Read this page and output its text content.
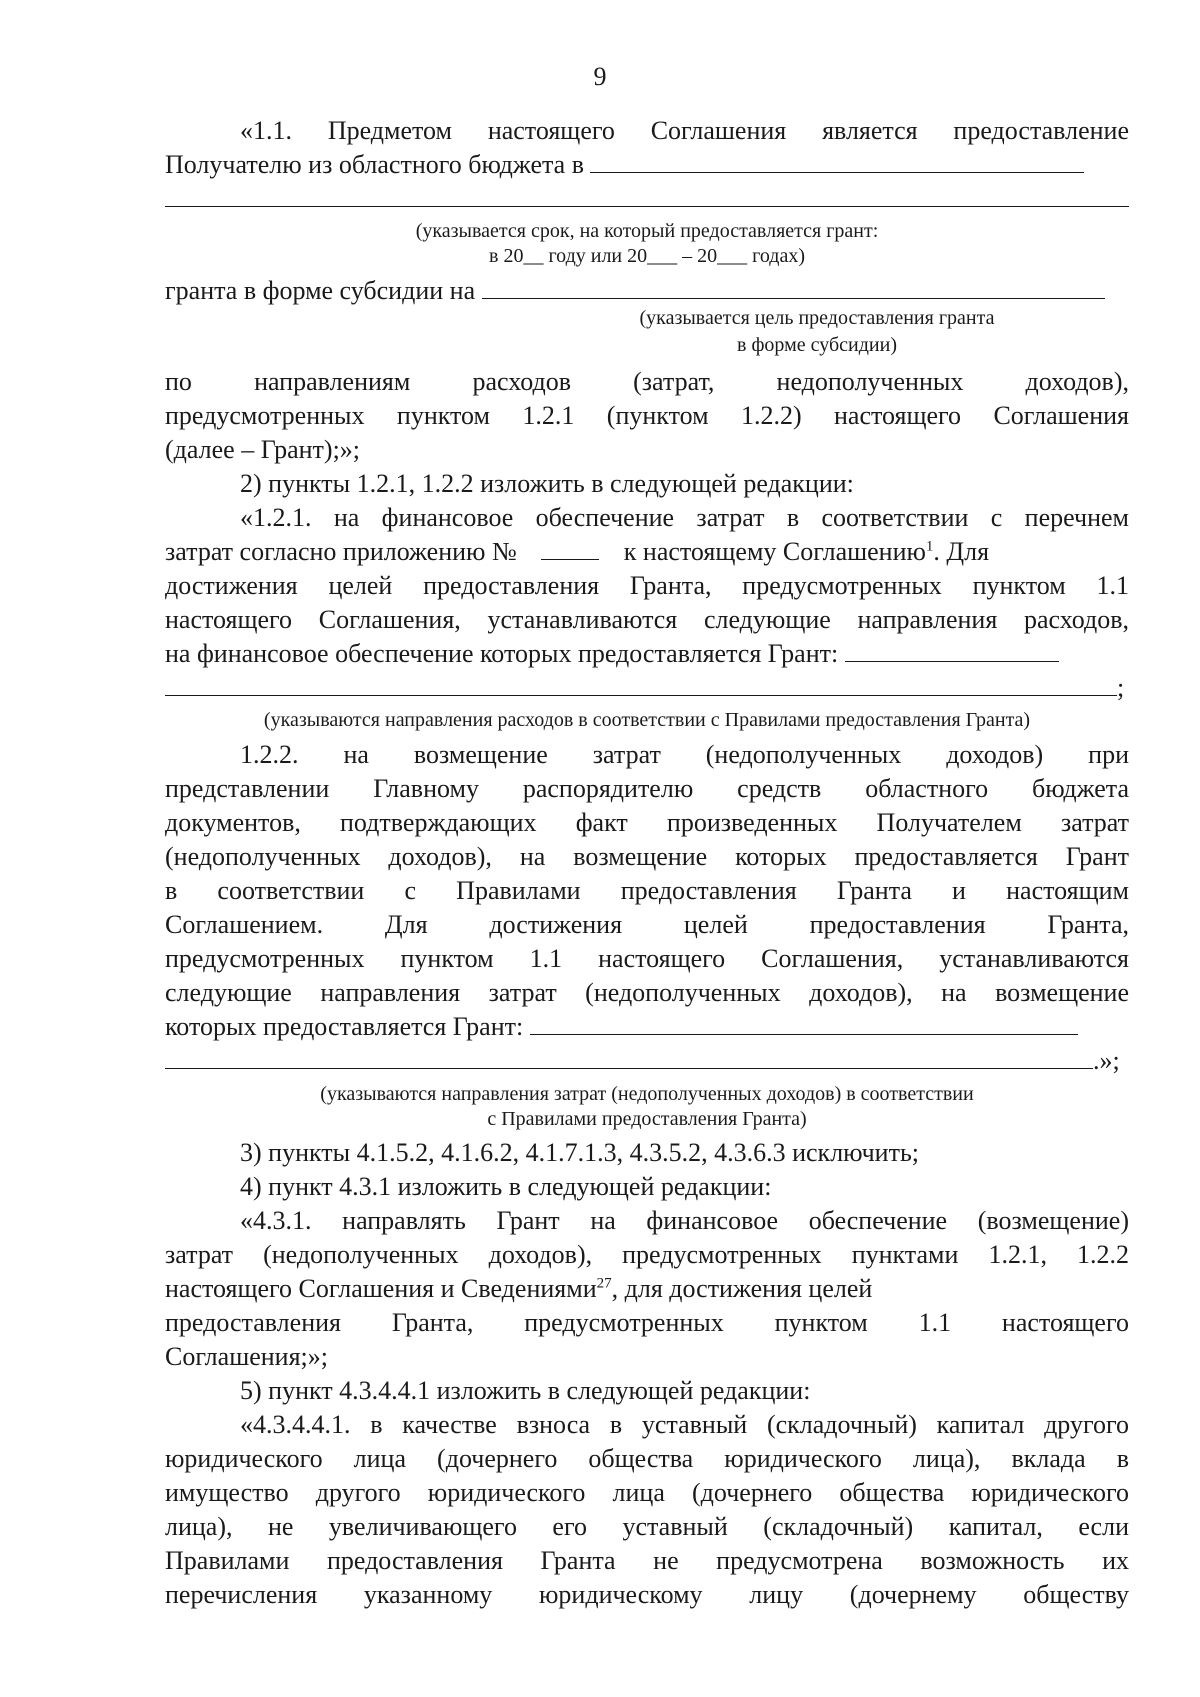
9
«1.1. Предметом настоящего Соглашения является предоставление
Получателю из областного бюджета в
(указывается срок, на который предоставляется грант:
в 20__ году или 20___ – 20___ годах)
гранта в форме субсидии на
(указывается цель предоставления гранта
в форме субсидии)
по направлениям расходов (затрат, недополученных доходов),
предусмотренных пунктом 1.2.1 (пунктом 1.2.2) настоящего Соглашения
(далее – Грант);»;
2) пункты 1.2.1, 1.2.2 изложить в следующей редакции:
«1.2.1. на финансовое обеспечение затрат в соответствии с перечнем
затрат согласно приложению №	к настоящему Соглашению$^1$. Для
достижения целей предоставления Гранта, предусмотренных пунктом 1.1
настоящего Соглашения, устанавливаются следующие направления расходов,
на финансовое обеспечение которых предоставляется Грант:
;
(указываются направления расходов в соответствии с Правилами предоставления Гранта)
1.2.2. на возмещение затрат (недополученных доходов) при
представлении Главному распорядителю средств областного бюджета
документов, подтверждающих факт произведенных Получателем затрат
(недополученных доходов), на возмещение которых предоставляется Грант
в соответствии с Правилами предоставления Гранта и настоящим
Соглашением. Для достижения целей предоставления Гранта,
предусмотренных пунктом 1.1 настоящего Соглашения, устанавливаются
следующие направления затрат (недополученных доходов), на возмещение
которых предоставляется Грант:
.»;
(указываются направления затрат (недополученных доходов) в соответствии
с Правилами предоставления Гранта)
3) пункты 4.1.5.2, 4.1.6.2, 4.1.7.1.3, 4.3.5.2, 4.3.6.3 исключить;
4) пункт 4.3.1 изложить в следующей редакции:
«4.3.1. направлять Грант на финансовое обеспечение (возмещение)
затрат (недополученных доходов), предусмотренных пунктами 1.2.1, 1.2.2
настоящего Соглашения и Сведениями$^{27}$, для достижения целей
предоставления Гранта, предусмотренных пунктом 1.1 настоящего
Соглашения;»;
5) пункт 4.3.4.4.1 изложить в следующей редакции:
«4.3.4.4.1. в качестве взноса в уставный (складочный) капитал другого
юридического лица (дочернего общества юридического лица), вклада в
имущество другого юридического лица (дочернего общества юридического
лица), не увеличивающего его уставный (складочный) капитал, если
Правилами предоставления Гранта не предусмотрена возможность их
перечисления указанному юридическому лицу (дочернему обществу
